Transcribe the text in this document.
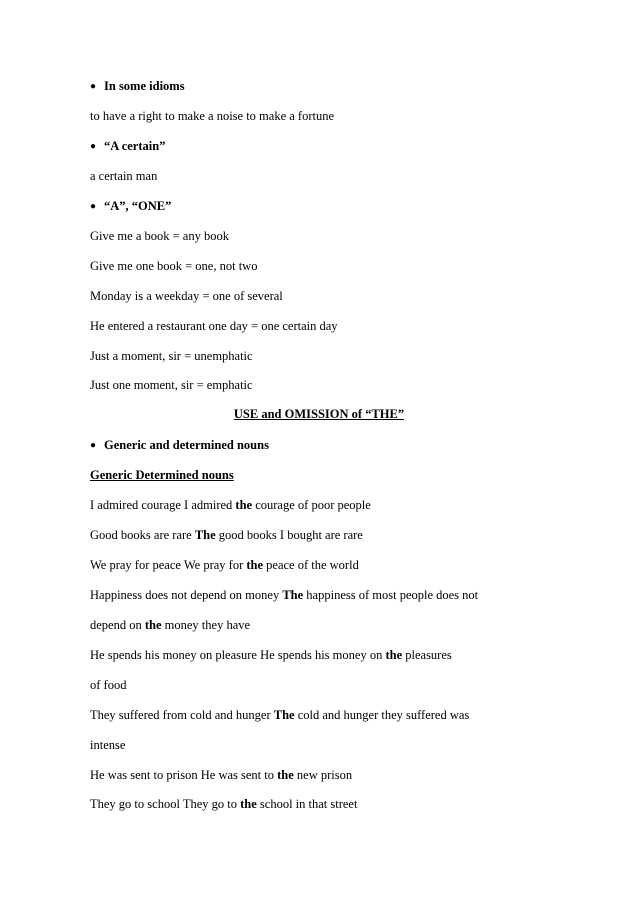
● In some idioms
to have a right to make a noise to make a fortune
● “A certain”
a certain man
● “A”, “ONE”
Give me a book = any book
Give me one book = one, not two
Monday is a weekday = one of several
He entered a restaurant one day = one certain day
Just a moment, sir = unemphatic
Just one moment, sir = emphatic
USE and OMISSION of “THE”
● Generic and determined nouns
Generic Determined nouns
I admired courage I admired the courage of poor people
Good books are rare The good books I bought are rare
We pray for peace We pray for the peace of the world
Happiness does not depend on money The happiness of most people does not
depend on the money they have
He spends his money on pleasure He spends his money on the pleasures
of food
They suffered from cold and hunger The cold and hunger they suffered was
intense
He was sent to prison He was sent to the new prison
They go to school They go to the school in that street
